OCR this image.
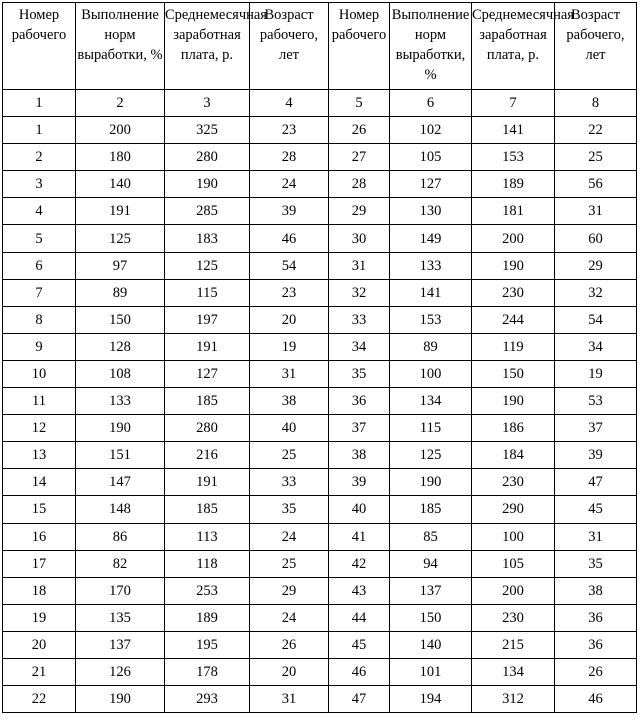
Номер рабочего	Выполнение норм выработки, %	Среднемесячная заработная плата, р.	Возраст рабочего, лет	Номер рабочего	Выполнение норм выработки, %	Среднемесячная заработная плата, р.	Возраст рабочего, лет
1	2	3	4	5	6	7	8
1	200	325	23	26	102	141	22
2	180	280	28	27	105	153	25
3	140	190	24	28	127	189	56
4	191	285	39	29	130	181	31
5	125	183	46	30	149	200	60
6	97	125	54	31	133	190	29
7	89	115	23	32	141	230	32
8	150	197	20	33	153	244	54
9	128	191	19	34	89	119	34
10	108	127	31	35	100	150	19
11	133	185	38	36	134	190	53
12	190	280	40	37	115	186	37
13	151	216	25	38	125	184	39
14	147	191	33	39	190	230	47
15	148	185	35	40	185	290	45
16	86	113	24	41	85	100	31
17	82	118	25	42	94	105	35
18	170	253	29	43	137	200	38
19	135	189	24	44	150	230	36
20	137	195	26	45	140	215	36
21	126	178	20	46	101	134	26
22	190	293	31	47	194	312	46
